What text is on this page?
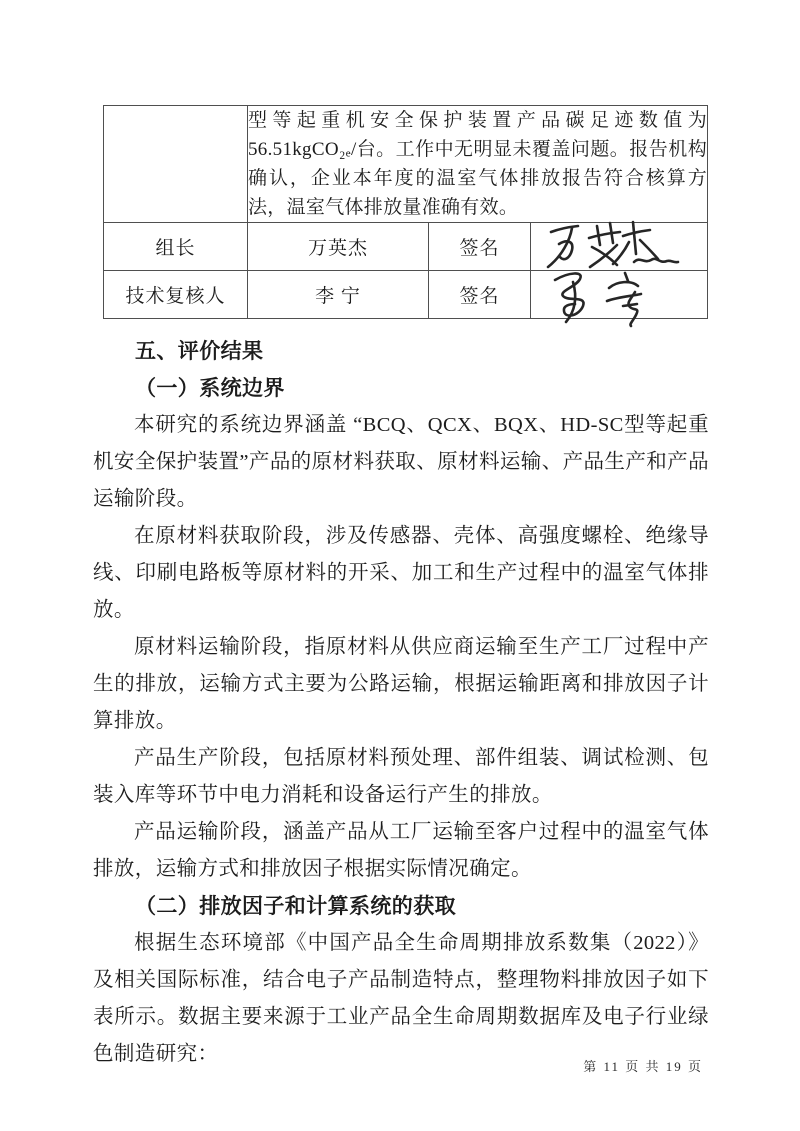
	型等起重机安全保护装置产品碳足迹数值为 56.51kgCO₂ₑ/台。工作中无明显未覆盖问题。报告机构确认，企业本年度的温室气体排放报告符合核算方法，温室气体排放量准确有效。		
组长	万英杰	签名	

技术复核人	李 宁	签名	
五、评价结果
（一）系统边界

本研究的系统边界涵盖 “BCQ、QCX、BQX、HD-SC型等起重机安全保护装置”产品的原材料获取、原材料运输、产品生产和产品运输阶段。

在原材料获取阶段，涉及传感器、壳体、高强度螺栓、绝缘导线、印刷电路板等原材料的开采、加工和生产过程中的温室气体排放。

原材料运输阶段，指原材料从供应商运输至生产工厂过程中产生的排放，运输方式主要为公路运输，根据运输距离和排放因子计算排放。

产品生产阶段，包括原材料预处理、部件组装、调试检测、包装入库等环节中电力消耗和设备运行产生的排放。

产品运输阶段，涵盖产品从工厂运输至客户过程中的温室气体排放，运输方式和排放因子根据实际情况确定。

（二）排放因子和计算系统的获取

根据生态环境部《中国产品全生命周期排放系数集（2022）》及相关国际标准，结合电子产品制造特点，整理物料排放因子如下表所示。数据主要来源于工业产品全生命周期数据库及电子行业绿色制造研究：

第 11 页 共 19 页
